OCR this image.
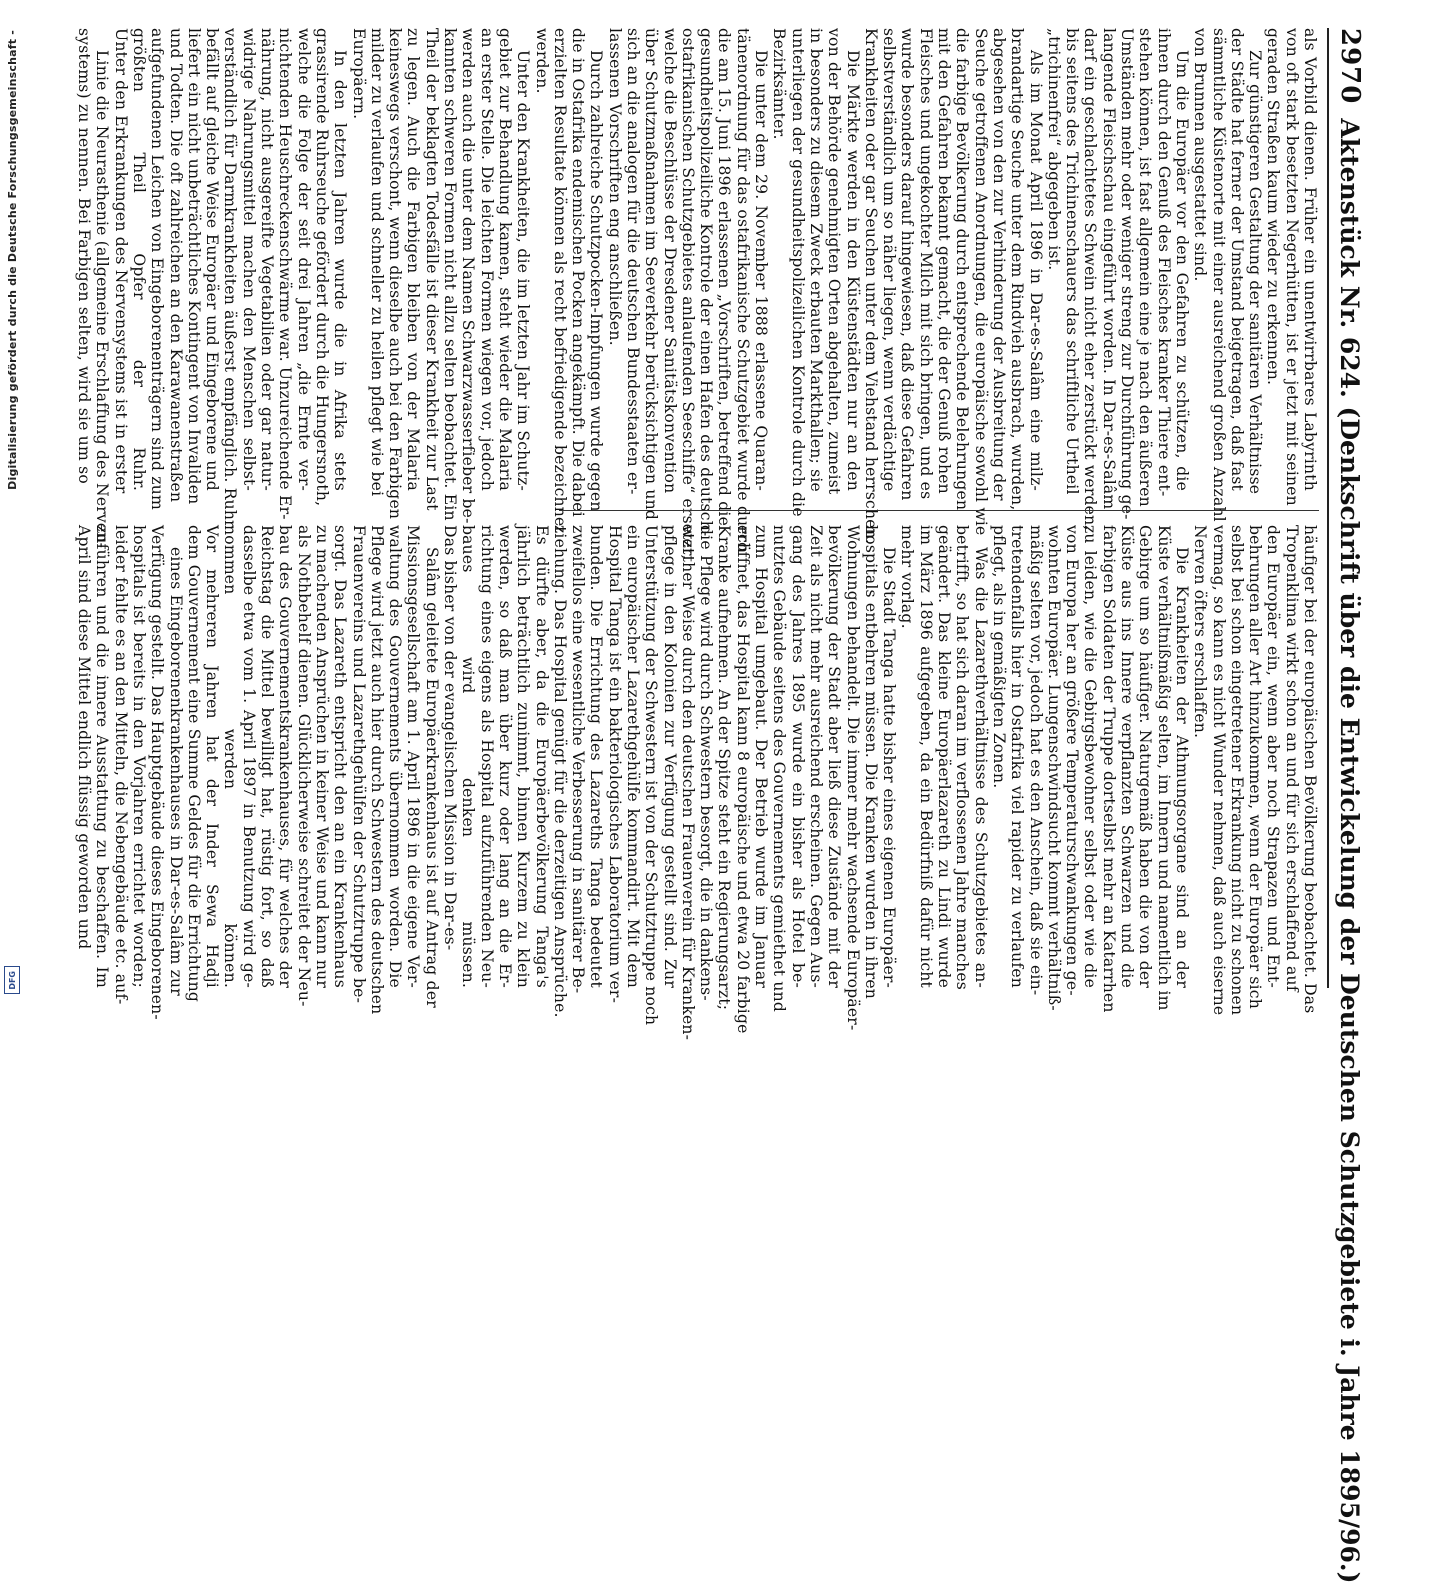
Digitalisierung gefördert durch die Deutsche Forschungsgemeinschaft -
DFG
2970
Aktenstück Nr. 624. (Denkschrift über die Entwickelung der Deutschen Schutzgebiete i. Jahre 1895/96.)
als Vorbild dienen. Früher ein unentwirrbares Labyrinth
von oft stark besetzten Negerhütten, ist er jetzt mit seinen
geraden Straßen kaum wieder zu erkennen.
Zur günstigeren Gestaltung der sanitären Verhältnisse
der Städte hat ferner der Umstand beigetragen, daß fast
sämmtliche Küstenorte mit einer ausreichend großen Anzahl
von Brunnen ausgestattet sind.
Um die Europäer vor den Gefahren zu schützen, die
ihnen durch den Genuß des Fleisches kranker Thiere ent-
stehen können, ist fast allgemein eine je nach den äußeren
Umständen mehr oder weniger streng zur Durchführung ge-
langende Fleischschau eingeführt worden. In Dar-es-Salâm
darf ein geschlachtetes Schwein nicht eher zerstückt werden,
bis seitens des Trichinenschauers das schriftliche Urtheil
„trichinenfrei“ abgegeben ist.
Als im Monat April 1896 in Dar-es-Salâm eine milz-
brandartige Seuche unter dem Rindvieh ausbrach, wurden,
abgesehen von den zur Verhinderung der Ausbreitung der
Seuche getroffenen Anordnungen, die europäische sowohl wie
die farbige Bevölkerung durch entsprechende Belehrungen
mit den Gefahren bekannt gemacht, die der Genuß rohen
Fleisches und ungekochter Milch mit sich bringen, und es
wurde besonders darauf hingewiesen, daß diese Gefahren
selbstverständlich um so näher liegen, wenn verdächtige
Krankheiten oder gar Seuchen unter dem Viehstand herrschen.
Die Märkte werden in den Küstenstädten nur an den
von der Behörde genehmigten Orten abgehalten, zumeist
in besonders zu diesem Zweck erbauten Markthallen; sie
unterliegen der gesundheitspolizeilichen Kontrole durch die
Bezirksämter.
Die unter dem 29. November 1888 erlassene Quaran-
tänenordnung für das ostafrikanische Schutzgebiet wurde durch
die am 15. Juni 1896 erlassenen „Vorschriften, betreffend die
gesundheitspolizeiliche Kontrole der einen Hafen des deutsch-
ostafrikanischen Schutzgebietes anlaufenden Seeschiffe“ ersetzt,
welche die Beschlüsse der Dresdener Sanitätskonvention
über Schutzmaßnahmen im Seeverkehr berücksichtigen und
sich an die analogen für die deutschen Bundesstaaten er-
lassenen Vorschriften eng anschließen.
Durch zahlreiche Schutzpocken-Impfungen wurde gegen
die in Ostafrika endemischen Pocken angekämpft. Die dabei
erzielten Resultate können als recht befriedigende bezeichnet
werden.
Unter den Krankheiten, die im letzten Jahr im Schutz-
gebiet zur Behandlung kamen, steht wieder die Malaria
an erster Stelle. Die leichten Formen wiegen vor, jedoch
werden auch die unter dem Namen Schwarzwasserfieber be-
kannten schweren Formen nicht allzu selten beobachtet. Ein
Theil der beklagten Todesfälle ist dieser Krankheit zur Last
zu legen. Auch die Farbigen bleiben von der Malaria
keineswegs verschont, wenn dieselbe auch bei den Farbigen
milder zu verlaufen und schneller zu heilen pflegt wie bei
Europäern.
In den letzten Jahren wurde die in Afrika stets
grassirende Ruhrseuche gefördert durch die Hungersnoth,
welche die Folge der seit drei Jahren „die Ernte ver-
nichtenden Heuschreckenschwärme war. Unzureichende Er-
nährung, nicht ausgereifte Vegetabilien oder gar natur-
widrige Nahrungsmittel machen den Menschen selbst-
verständlich für Darmkrankheiten äußerst empfänglich. Ruhr
befällt auf gleiche Weise Europäer und Eingeborene und
liefert ein nicht unbeträchtliches Kontingent von Invaliden
und Todten. Die oft zahlreichen an den Karawanenstraßen
aufgefundenen Leichen von Eingeborenenträgern sind zum
größten Theil Opfer der Ruhr.
Unter den Erkrankungen des Nervensystems ist in erster
Linie die Neurasthenie (allgemeine Erschlaffung des Nerven-
systems) zu nennen. Bei Farbigen selten, wird sie um so
häufiger bei der europäischen Bevölkerung beobachtet. Das
Tropenklima wirkt schon an und für sich erschlaffend auf
den Europäer ein, wenn aber noch Strapazen und Ent-
behrungen aller Art hinzukommen, wenn der Europäer sich
selbst bei schon eingetretener Erkrankung nicht zu schonen
vermag, so kann es nicht Wunder nehmen, daß auch eiserne
Nerven öfters erschlaffen.
Die Krankheiten der Athmungsorgane sind an der
Küste verhältnißmäßig selten, im Innern und namentlich im
Gebirge um so häufiger. Naturgemäß haben die von der
Küste aus ins Innere verpflanzten Schwarzen und die
farbigen Soldaten der Truppe dortselbst mehr an Katarrhen
zu leiden, wie die Gebirgsbewohner selbst oder wie die
von Europa her an größere Temperaturschwankungen ge-
wohnten Europäer. Lungenschwindsucht kommt verhältniß-
mäßig selten vor, jedoch hat es den Anschein, daß sie ein-
tretendenfalls hier in Ostafrika viel rapider zu verlaufen
pflegt, als in gemäßigten Zonen.
Was die Lazarethverhältnisse des Schutzgebietes an-
betrifft, so hat sich daran im verflossenen Jahre manches
geändert. Das kleine Europäerlazareth zu Lindi wurde
im März 1896 aufgegeben, da ein Bedürfniß dafür nicht
mehr vorlag.
Die Stadt Tanga hatte bisher eines eigenen Europäer-
hospitals entbehren müssen. Die Kranken wurden in ihren
Wohnungen behandelt. Die immer mehr wachsende Europäer-
bevölkerung der Stadt aber ließ diese Zustände mit der
Zeit als nicht mehr ausreichend erscheinen. Gegen Aus-
gang des Jahres 1895 wurde ein bisher als Hotel be-
nutztes Gebäude seitens des Gouvernements gemiethet und
zum Hospital umgebaut. Der Betrieb wurde im Januar
eröffnet, das Hospital kann 8 europäische und etwa 20 farbige
Kranke aufnehmen. An der Spitze steht ein Regierungsarzt;
die Pflege wird durch Schwestern besorgt, die in dankens-
werther Weise durch den deutschen Frauenverein für Kranken-
pflege in den Kolonien zur Verfügung gestellt sind. Zur
Unterstützung der Schwestern ist von der Schutztruppe noch
ein europäischer Lazarethgehülfe kommandirt. Mit dem
Hospital Tanga ist ein bakteriologisches Laboratorium ver-
bunden. Die Errichtung des Lazareths Tanga bedeutet
zweifellos eine wesentliche Verbesserung in sanitärer Be-
ziehung. Das Hospital genügt für die derzeitigen Ansprüche.
Es dürfte aber, da die Europäerbevölkerung Tanga's
jährlich beträchtlich zunimmt, binnen Kurzem zu klein
werden, so daß man über kurz oder lang an die Er-
richtung eines eigens als Hospital aufzuführenden Neu-
baues wird denken müssen.
Das bisher von der evangelischen Mission in Dar-es-
Salâm geleitete Europäerkrankenhaus ist auf Antrag der
Missionsgesellschaft am 1. April 1896 in die eigene Ver-
waltung des Gouvernements übernommen worden. Die
Pflege wird jetzt auch hier durch Schwestern des deutschen
Frauenvereins und Lazarethgehülfen der Schutztruppe be-
sorgt. Das Lazareth entspricht den an ein Krankenhaus
zu machenden Ansprüchen in keiner Weise und kann nur
als Nothbehelf dienen. Glücklicherweise schreitet der Neu-
bau des Gouvernementskrankenhauses, für welches der
Reichstag die Mittel bewilligt hat, rüstig fort, so daß
dasselbe etwa vom 1. April 1897 in Benutzung wird ge-
nommen werden können.
Vor mehreren Jahren hat der Inder Sewa Hadji
dem Gouvernement eine Summe Geldes für die Errichtung
eines Eingeborenenkrankenhauses in Dar-es-Salâm zur
Verfügung gestellt. Das Hauptgebäude dieses Eingeborenen-
hospitals ist bereits in den Vorjahren errichtet worden;
leider fehlte es an den Mitteln, die Nebengebäude etc. auf-
zuführen und die innere Ausstattung zu beschaffen. Im
April sind diese Mittel endlich flüssig geworden und
